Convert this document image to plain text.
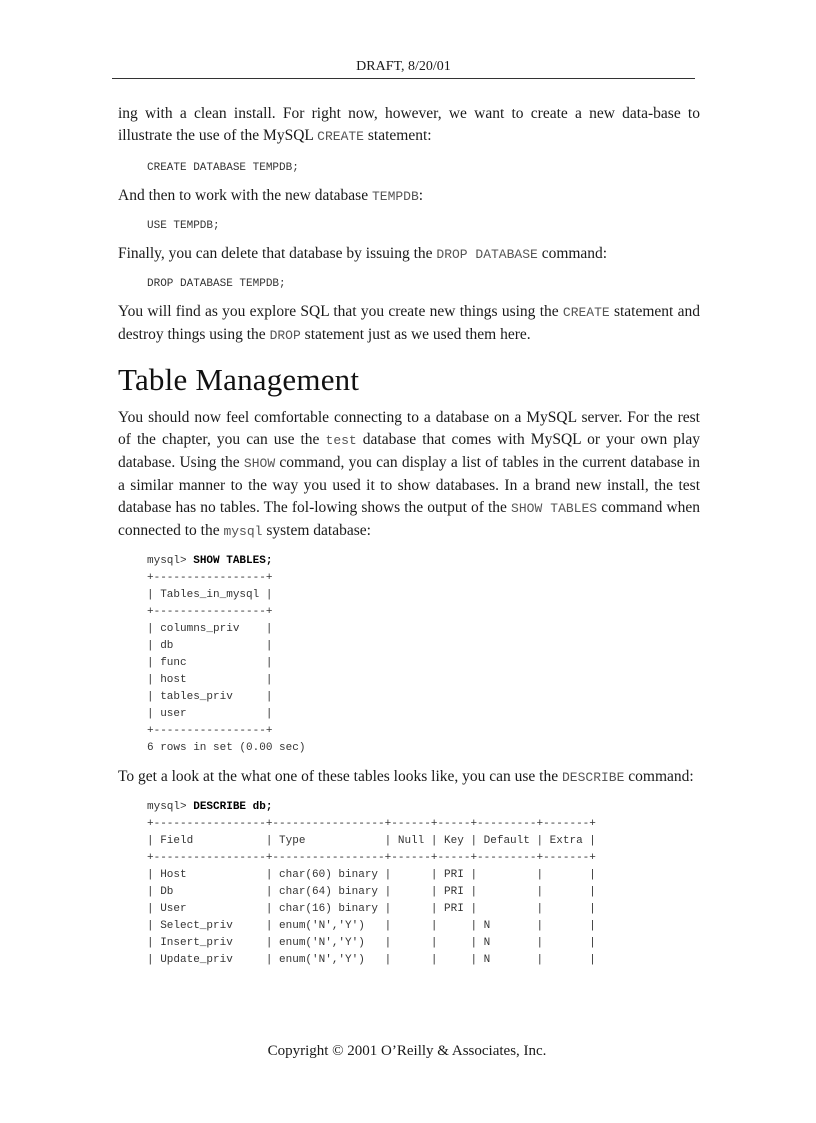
DRAFT, 8/20/01

ing with a clean install. For right now, however, we want to create a new data-base to illustrate the use of the MySQL CREATE statement:

CREATE DATABASE TEMPDB;

And then to work with the new database TEMPDB:

USE TEMPDB;

Finally, you can delete that database by issuing the DROP DATABASE command:

DROP DATABASE TEMPDB;

You will find as you explore SQL that you create new things using the CREATE statement and destroy things using the DROP statement just as we used them here.

Table Management

You should now feel comfortable connecting to a database on a MySQL server. For the rest of the chapter, you can use the test database that comes with MySQL or your own play database. Using the SHOW command, you can display a list of tables in the current database in a similar manner to the way you used it to show databases. In a brand new install, the test database has no tables. The fol-lowing shows the output of the SHOW TABLES command when connected to the mysql system database:

mysql> SHOW TABLES;
+-----------------+
| Tables_in_mysql |
+-----------------+
| columns_priv    |
| db              |
| func            |
| host            |
| tables_priv     |
| user            |
+-----------------+
6 rows in set (0.00 sec)

To get a look at the what one of these tables looks like, you can use the DESCRIBE command:

mysql> DESCRIBE db;
+-----------------+-----------------+------+-----+---------+-------+
| Field           | Type            | Null | Key | Default | Extra |
+-----------------+-----------------+------+-----+---------+-------+
| Host            | char(60) binary |      | PRI |         |       |
| Db              | char(64) binary |      | PRI |         |       |
| User            | char(16) binary |      | PRI |         |       |
| Select_priv     | enum('N','Y')   |      |     | N       |       |
| Insert_priv     | enum('N','Y')   |      |     | N       |       |
| Update_priv     | enum('N','Y')   |      |     | N       |       |
Copyright © 2001 O’Reilly & Associates, Inc.
